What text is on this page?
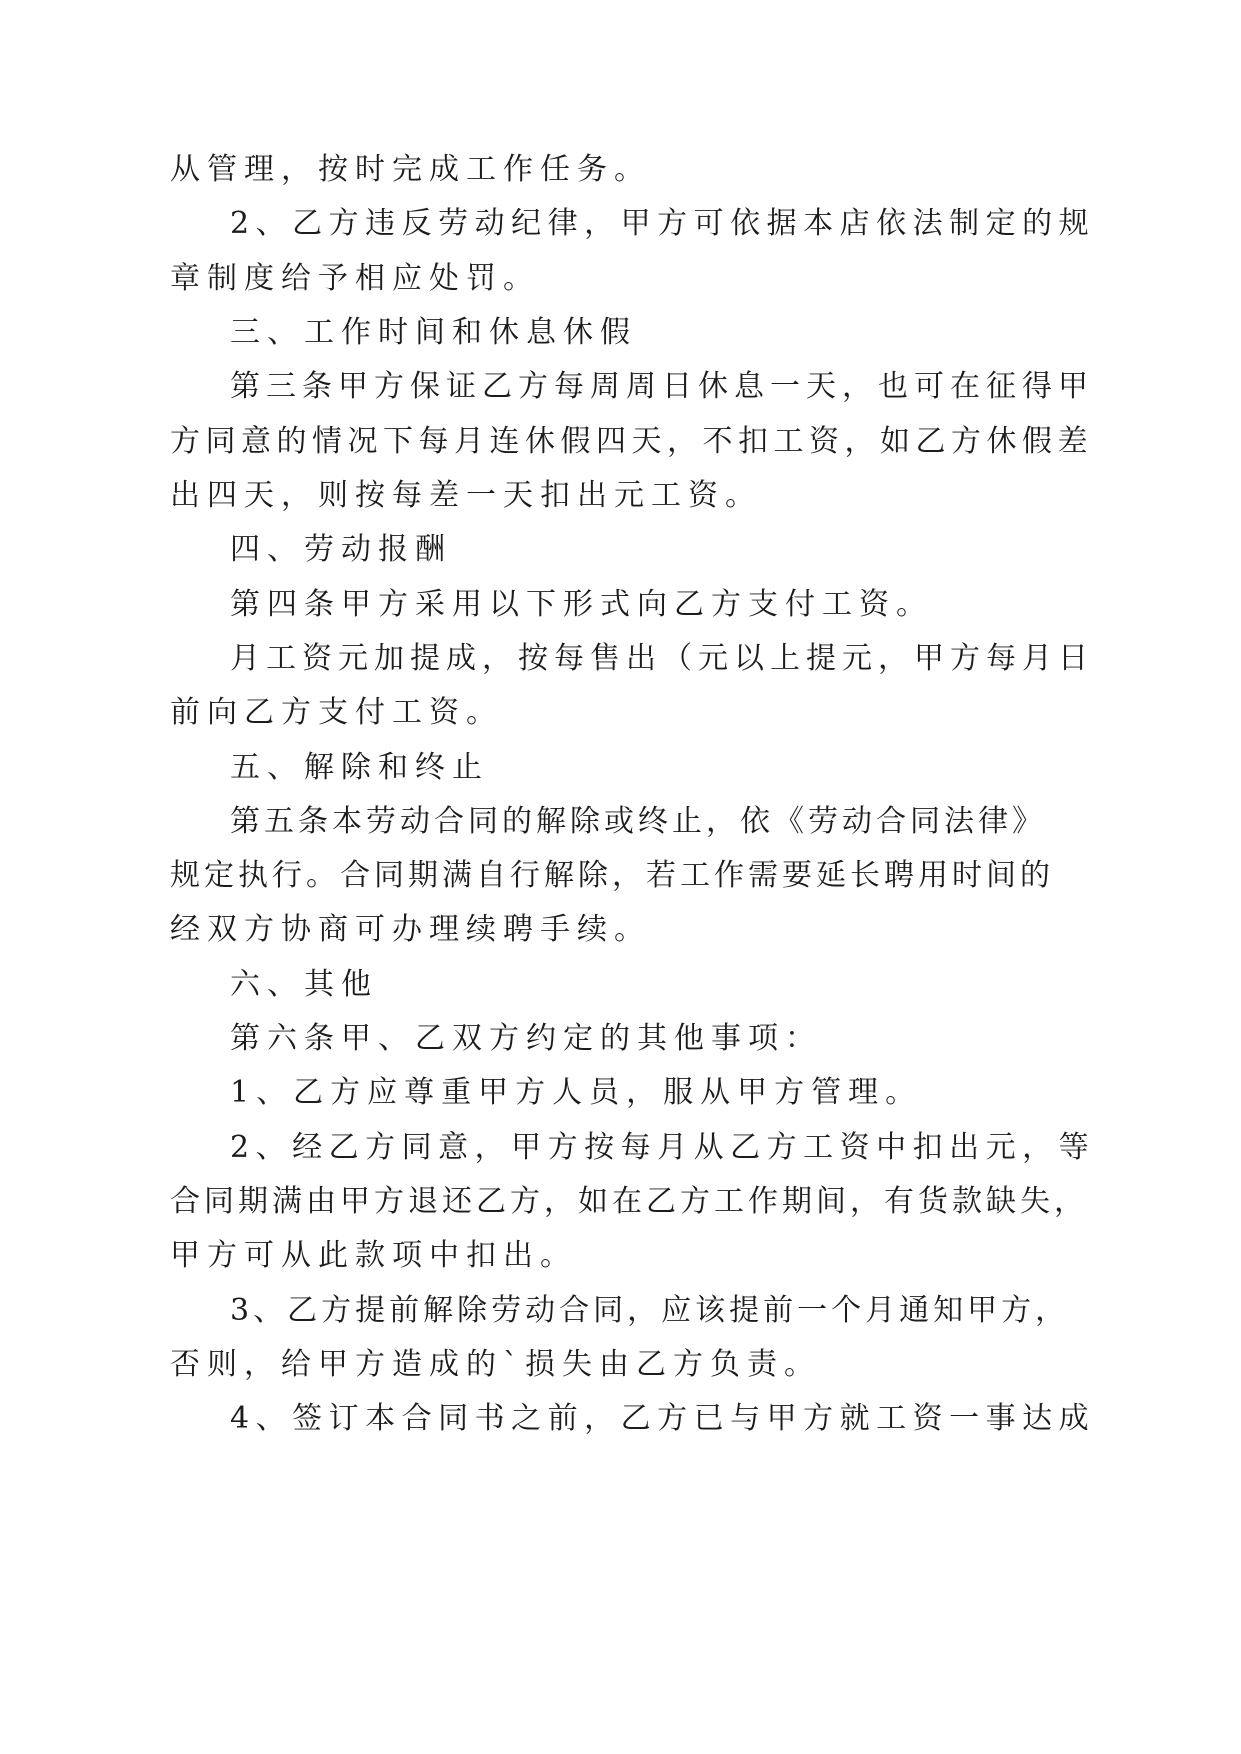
从管理，按时完成工作任务。
2、乙方违反劳动纪律，甲方可依据本店依法制定的规
章制度给予相应处罚。
三、工作时间和休息休假
第三条甲方保证乙方每周周日休息一天，也可在征得甲
方同意的情况下每月连休假四天，不扣工资，如乙方休假差
出四天，则按每差一天扣出元工资。
四、劳动报酬
第四条甲方采用以下形式向乙方支付工资。
月工资元加提成，按每售出（元以上提元，甲方每月日
前向乙方支付工资。
五、解除和终止
第五条本劳动合同的解除或终止，依《劳动合同法律》
规定执行。合同期满自行解除，若工作需要延长聘用时间的
经双方协商可办理续聘手续。
六、其他
第六条甲、乙双方约定的其他事项：
1、乙方应尊重甲方人员，服从甲方管理。
2、经乙方同意，甲方按每月从乙方工资中扣出元，等
合同期满由甲方退还乙方，如在乙方工作期间，有货款缺失，
甲方可从此款项中扣出。
3、乙方提前解除劳动合同，应该提前一个月通知甲方，
否则，给甲方造成的`损失由乙方负责。
4、签订本合同书之前，乙方已与甲方就工资一事达成
